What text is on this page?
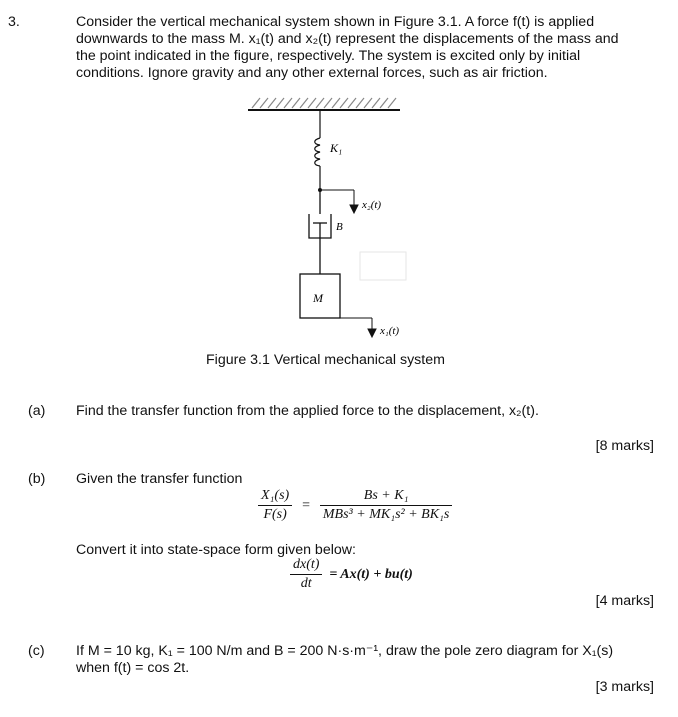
3.	Consider the vertical mechanical system shown in Figure 3.1. A force f(t) is applied
downwards to the mass M. x₁(t) and x₂(t) represent the displacements of the mass and
the point indicated in the figure, respectively. The system is excited only by initial
conditions. Ignore gravity and any other external forces, such as air friction.
K₁
x₂(t)
B
M
x₁(t)
Figure 3.1 Vertical mechanical system
(a) Find the transfer function from the applied force to the displacement, x₂(t).
[8 marks]
(b) Given the transfer function
$\frac{\text{X₁(s)}}{F(s)} = \frac{\text{Bs + K₁}}{\text{MBs³ + MK₁s² + BK₁s}}$
Convert it into state-space form given below:
$\frac{dx(t)}{dt} = Ax(t) + bu(t)$
[4 marks]
(c) If M = 10 kg, K₁ = 100 N/m and B = 200 N·s·m⁻¹, draw the pole zero diagram for X₁(s)
when f(t) = cos 2t.
[3 marks]
